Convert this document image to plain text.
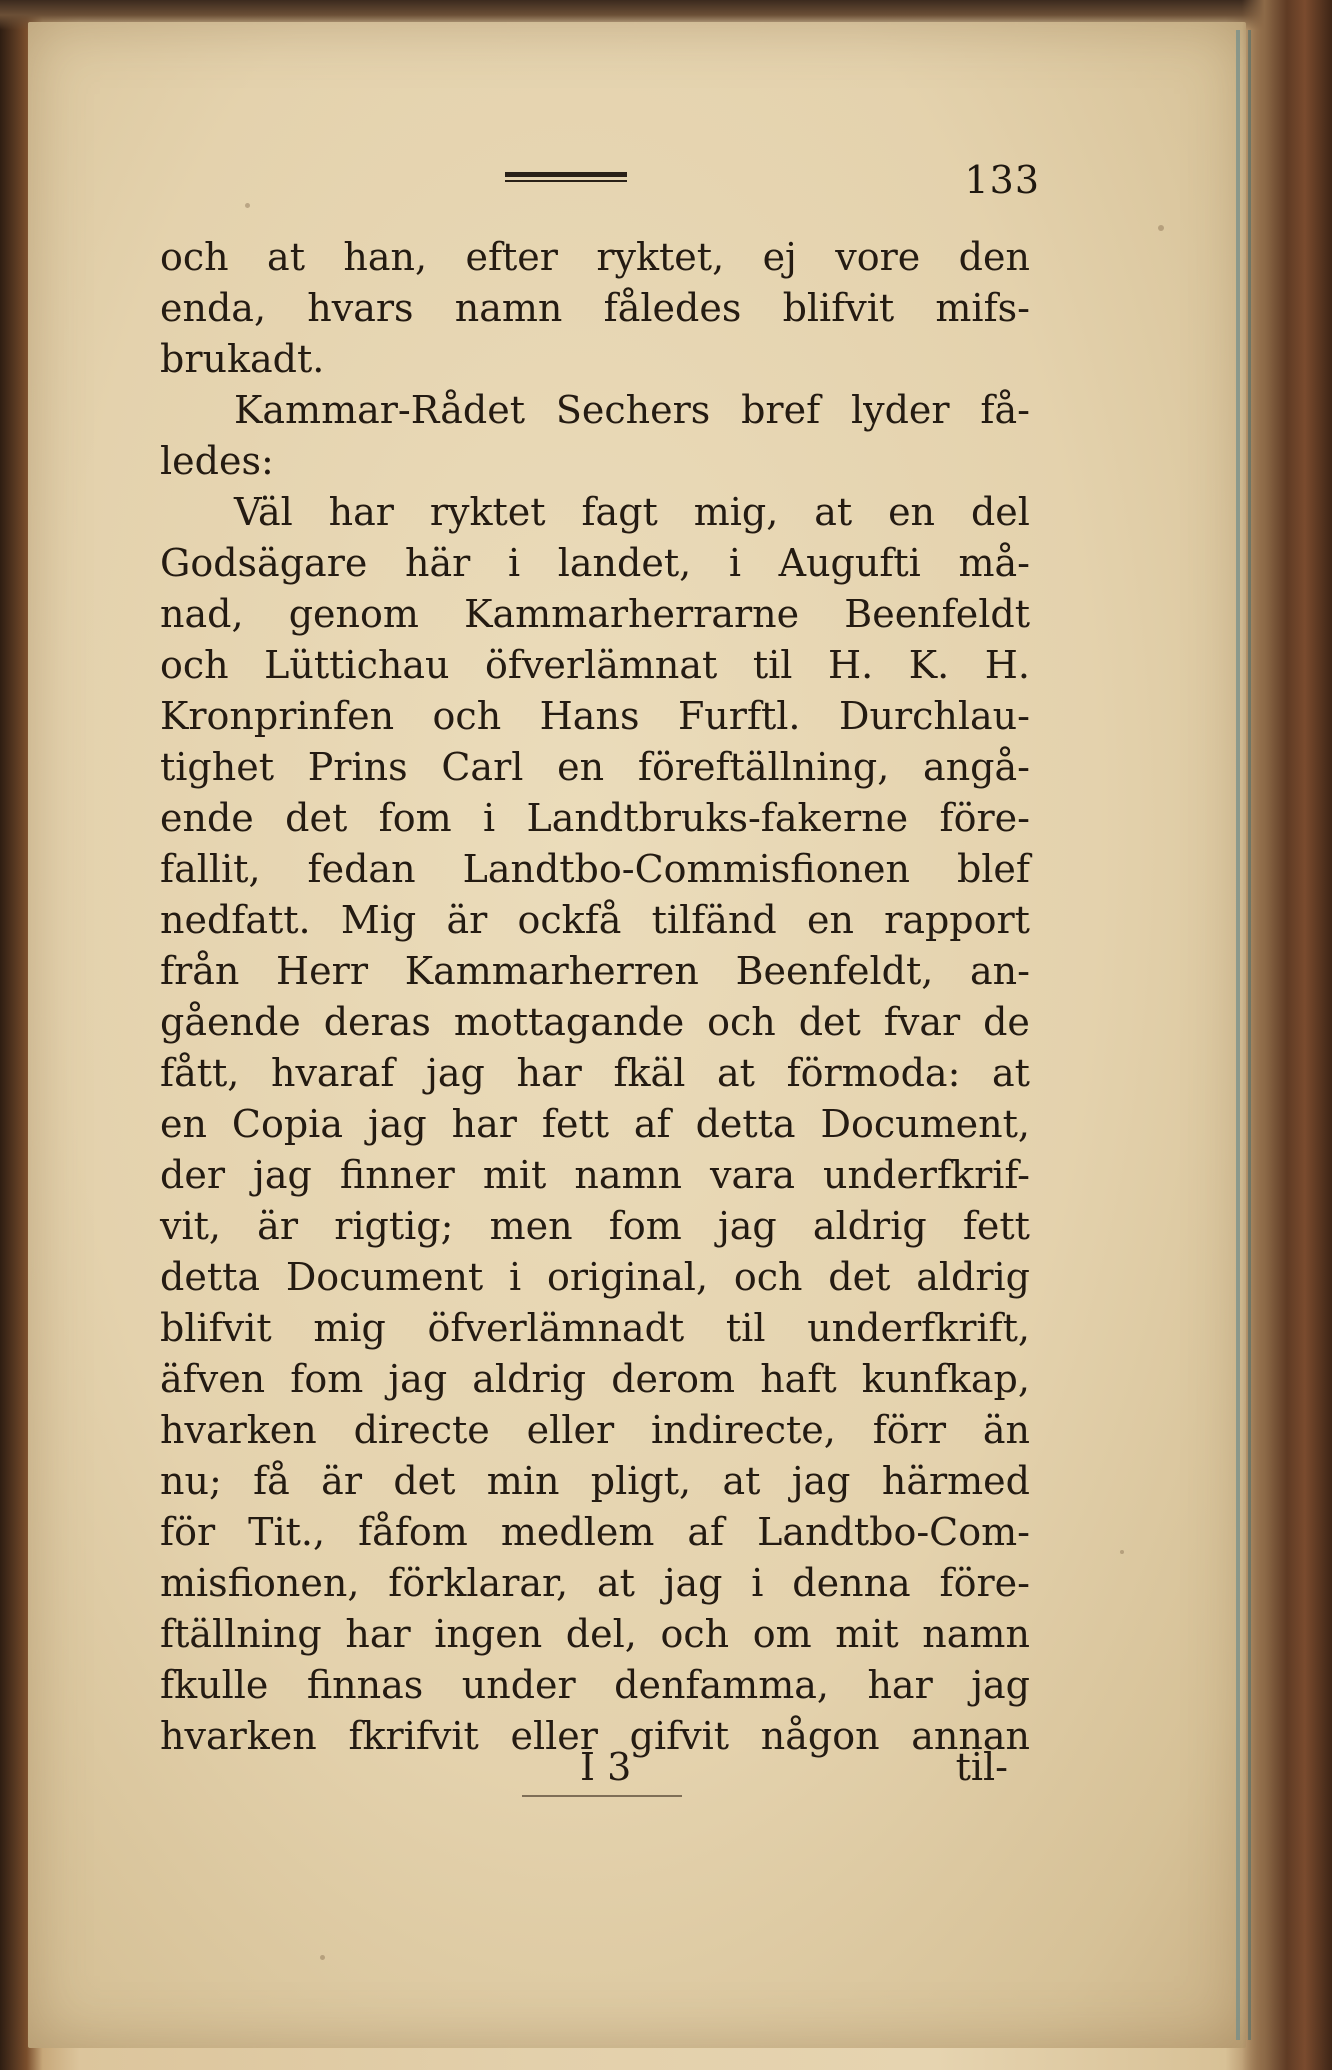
133
och at han, efter ryktet, ej vore den
enda, hvars namn fåledes blifvit mifs-
brukadt.
Kammar-Rådet Sechers bref lyder få-
ledes:
Väl har ryktet fagt mig, at en del
Godsägare här i landet, i Augufti må-
nad, genom Kammarherrarne Beenfeldt
och Lüttichau öfverlämnat til H. K. H.
Kronprinfen och Hans Furftl. Durchlau-
tighet Prins Carl en föreftällning, angå-
ende det fom i Landtbruks-fakerne före-
fallit, fedan Landtbo-Commisfionen blef
nedfatt. Mig är ockfå tilfänd en rapport
från Herr Kammarherren Beenfeldt, an-
gående deras mottagande och det fvar de
fått, hvaraf jag har fkäl at förmoda: at
en Copia jag har fett af detta Document,
der jag finner mit namn vara underfkrif-
vit, är rigtig; men fom jag aldrig fett
detta Document i original, och det aldrig
blifvit mig öfverlämnadt til underfkrift,
äfven fom jag aldrig derom haft kunfkap,
hvarken directe eller indirecte, förr än
nu; få är det min pligt, at jag härmed
för Tit., fåfom medlem af Landtbo-Com-
misfionen, förklarar, at jag i denna före-
ftällning har ingen del, och om mit namn
fkulle finnas under denfamma, har jag
hvarken fkrifvit eller gifvit någon annan
I 3	til-
